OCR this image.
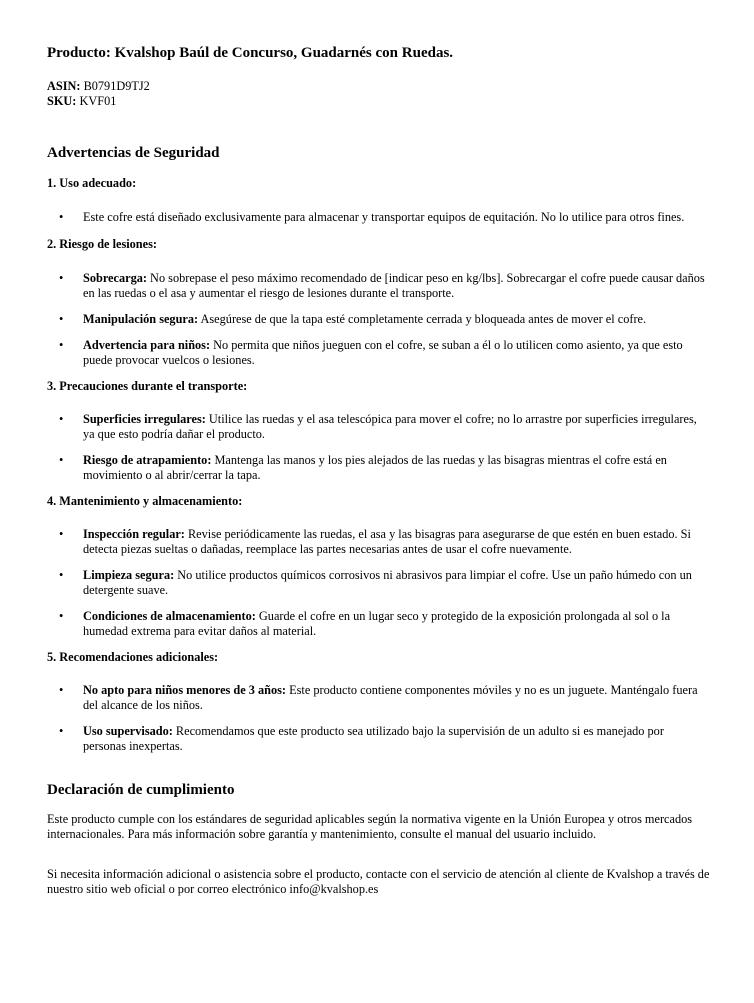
Producto: Kvalshop Baúl de Concurso, Guadarnés con Ruedas.
ASIN: B0791D9TJ2
SKU: KVF01
Advertencias de Seguridad
1. Uso adecuado:
• Este cofre está diseñado exclusivamente para almacenar y transportar equipos de equitación. No lo utilice para otros fines.
2. Riesgo de lesiones:
• Sobrecarga: No sobrepase el peso máximo recomendado de [indicar peso en kg/lbs]. Sobrecargar el cofre puede causar daños en las ruedas o el asa y aumentar el riesgo de lesiones durante el transporte.
• Manipulación segura: Asegúrese de que la tapa esté completamente cerrada y bloqueada antes de mover el cofre.
• Advertencia para niños: No permita que niños jueguen con el cofre, se suban a él o lo utilicen como asiento, ya que esto puede provocar vuelcos o lesiones.
3. Precauciones durante el transporte:
• Superficies irregulares: Utilice las ruedas y el asa telescópica para mover el cofre; no lo arrastre por superficies irregulares, ya que esto podría dañar el producto.
• Riesgo de atrapamiento: Mantenga las manos y los pies alejados de las ruedas y las bisagras mientras el cofre está en movimiento o al abrir/cerrar la tapa.
4. Mantenimiento y almacenamiento:
• Inspección regular: Revise periódicamente las ruedas, el asa y las bisagras para asegurarse de que estén en buen estado. Si detecta piezas sueltas o dañadas, reemplace las partes necesarias antes de usar el cofre nuevamente.
• Limpieza segura: No utilice productos químicos corrosivos ni abrasivos para limpiar el cofre. Use un paño húmedo con un detergente suave.
• Condiciones de almacenamiento: Guarde el cofre en un lugar seco y protegido de la exposición prolongada al sol o la humedad extrema para evitar daños al material.
5. Recomendaciones adicionales:
• No apto para niños menores de 3 años: Este producto contiene componentes móviles y no es un juguete. Manténgalo fuera del alcance de los niños.
• Uso supervisado: Recomendamos que este producto sea utilizado bajo la supervisión de un adulto si es manejado por personas inexpertas.
Declaración de cumplimiento

Este producto cumple con los estándares de seguridad aplicables según la normativa vigente en la Unión Europea y otros mercados internacionales. Para más información sobre garantía y mantenimiento, consulte el manual del usuario incluido.

Si necesita información adicional o asistencia sobre el producto, contacte con el servicio de atención al cliente de Kvalshop a través de nuestro sitio web oficial o por correo electrónico info@kvalshop.es
